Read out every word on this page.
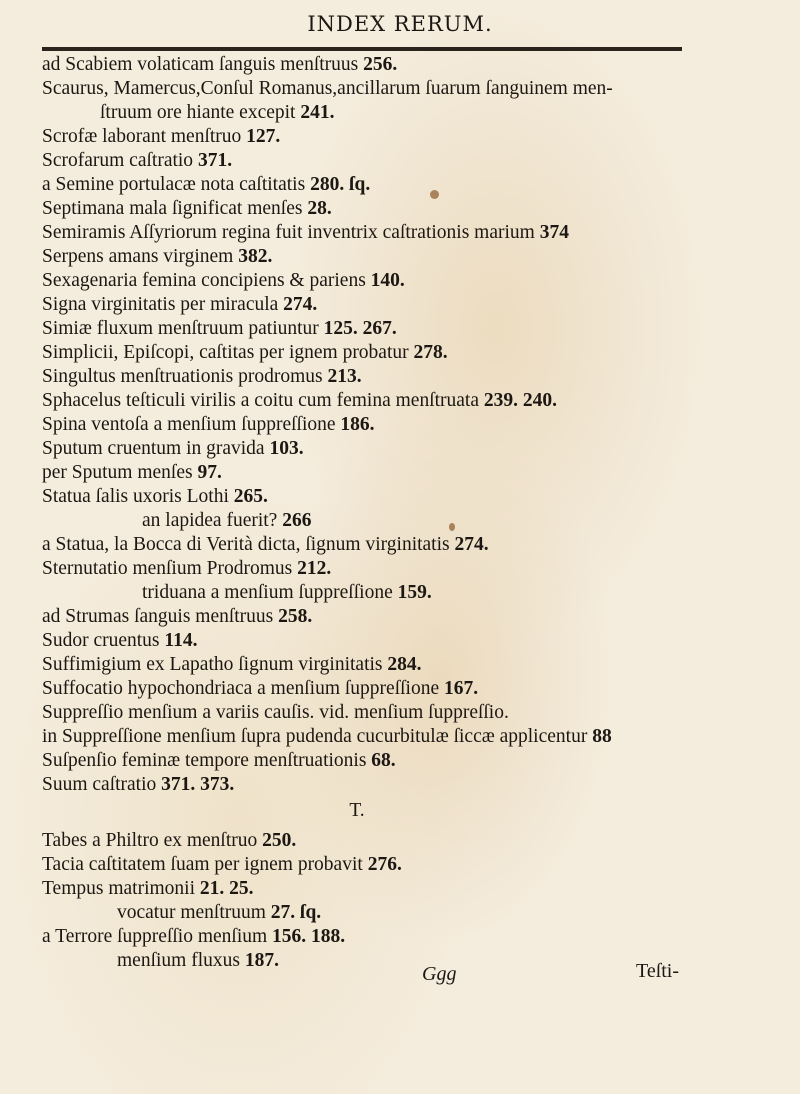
INDEX RERUM.
ad Scabiem volaticam ſanguis menſtruus 256.
Scaurus, Mamercus,Conſul Romanus,ancillarum ſuarum ſanguinem men-
ſtruum ore hiante excepit 241.
Scrofæ laborant menſtruo 127.
Scrofarum caſtratio 371.
a Semine portulacæ nota caſtitatis 280. ſq.
Septimana mala ſignificat menſes 28.
Semiramis Aſſyriorum regina fuit inventrix caſtrationis marium 374
Serpens amans virginem 382.
Sexagenaria femina concipiens & pariens 140.
Signa virginitatis per miracula 274.
Simiæ fluxum menſtruum patiuntur 125. 267.
Simplicii, Epiſcopi, caſtitas per ignem probatur 278.
Singultus menſtruationis prodromus 213.
Sphacelus teſticuli virilis a coitu cum femina menſtruata 239. 240.
Spina ventoſa a menſium ſuppreſſione 186.
Sputum cruentum in gravida 103.
per Sputum menſes 97.
Statua ſalis uxoris Lothi 265.
an lapidea fuerit? 266
a Statua, la Bocca di Verità dicta, ſignum virginitatis 274.
Sternutatio menſium Prodromus 212.
triduana a menſium ſuppreſſione 159.
ad Strumas ſanguis menſtruus 258.
Sudor cruentus 114.
Suffimigium ex Lapatho ſignum virginitatis 284.
Suffocatio hypochondriaca a menſium ſuppreſſione 167.
Suppreſſio menſium a variis cauſis. vid. menſium ſuppreſſio.
in Suppreſſione menſium ſupra pudenda cucurbitulæ ſiccæ applicentur 88
Suſpenſio feminæ tempore menſtruationis 68.
Suum caſtratio 371. 373.
T.
Tabes a Philtro ex menſtruo 250.
Tacia caſtitatem ſuam per ignem probavit 276.
Tempus matrimonii 21. 25.
vocatur menſtruum 27. ſq.
a Terrore ſuppreſſio menſium 156. 188.
menſium fluxus 187.
Ggg	Teſti-
